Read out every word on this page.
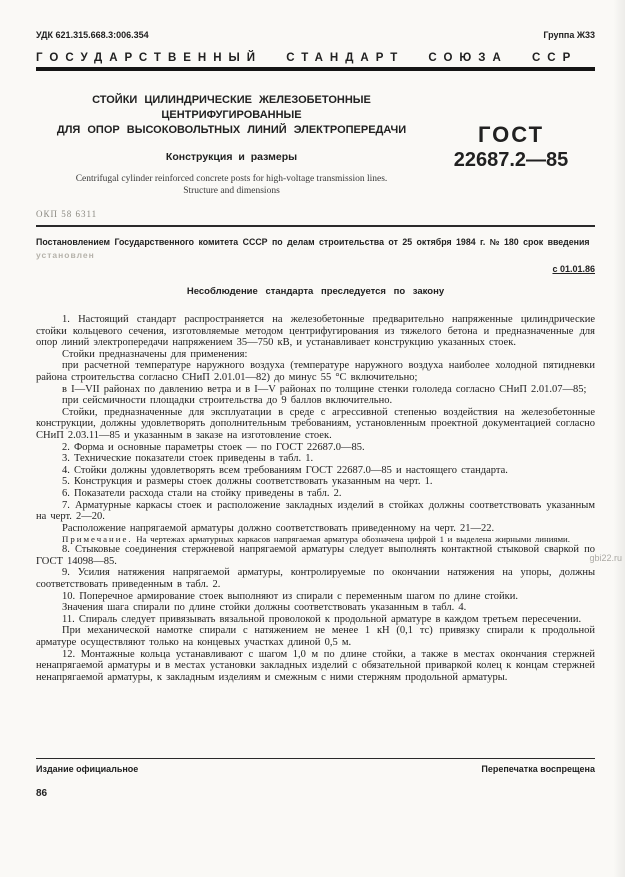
УДК 621.315.668.3:006.354	Группа Ж33
ГОСУДАРСТВЕННЫЙ СТАНДАРТ СОЮЗА ССР
СТОЙКИ ЦИЛИНДРИЧЕСКИЕ ЖЕЛЕЗОБЕТОННЫЕ
ЦЕНТРИФУГИРОВАННЫЕ
ДЛЯ ОПОР ВЫСОКОВОЛЬТНЫХ ЛИНИЙ ЭЛЕКТРОПЕРЕДАЧИ
Конструкция и размеры
Centrifugal cylinder reinforced concrete posts for high-voltage transmission lines.
Structure and dimensions
ОКП 58 6311
ГОСТ
22687.2—85
Постановлением Государственного комитета СССР по делам строительства от 25 октября 1984 г. № 180 срок введения
установлен
с 01.01.86
Несоблюдение стандарта преследуется по закону

1. Настоящий стандарт распространяется на железобетонные предварительно напряженные цилиндрические стойки кольцевого сечения, изготовляемые методом центрифугирования из тяжелого бетона и предназначенные для опор линий электропередачи напряжением 35—750 кВ, и устанавливает конструкцию указанных стоек.

Стойки предназначены для применения:

при расчетной температуре наружного воздуха (температуре наружного воздуха наиболее холодной пятидневки района строительства согласно СНиП 2.01.01—82) до минус 55 °С включительно;

в I—VII районах по давлению ветра и в I—V районах по толщине стенки гололеда согласно СНиП 2.01.07—85;

при сейсмичности площадки строительства до 9 баллов включительно.

Стойки, предназначенные для эксплуатации в среде с агрессивной степенью воздействия на железобетонные конструкции, должны удовлетворять дополнительным требованиям, установленным проектной документацией согласно СНиП 2.03.11—85 и указанным в заказе на изготовление стоек.

2. Форма и основные параметры стоек — по ГОСТ 22687.0—85.

3. Технические показатели стоек приведены в табл. 1.

4. Стойки должны удовлетворять всем требованиям ГОСТ 22687.0—85 и настоящего стандарта.

5. Конструкция и размеры стоек должны соответствовать указанным на черт. 1.

6. Показатели расхода стали на стойку приведены в табл. 2.

7. Арматурные каркасы стоек и расположение закладных изделий в стойках должны соответствовать указанным на черт. 2—20.

Расположение напрягаемой арматуры должно соответствовать приведенному на черт. 21—22.

Примечание. На чертежах арматурных каркасов напрягаемая арматура обозначена цифрой 1 и выделена жирными линиями.

8. Стыковые соединения стержневой напрягаемой арматуры следует выполнять контактной стыковой сваркой по ГОСТ 14098—85.

9. Усилия натяжения напрягаемой арматуры, контролируемые по окончании натяжения на упоры, должны соответствовать приведенным в табл. 2.

10. Поперечное армирование стоек выполняют из спирали с переменным шагом по длине стойки.

Значения шага спирали по длине стойки должны соответствовать указанным в табл. 4.

11. Спираль следует привязывать вязальной проволокой к продольной арматуре в каждом третьем пересечении.

При механической намотке спирали с натяжением не менее 1 кН (0,1 тс) привязку спирали к продольной арматуре осуществляют только на концевых участках длиной 0,5 м.

12. Монтажные кольца устанавливают с шагом 1,0 м по длине стойки, а также в местах окончания стержней ненапрягаемой арматуры и в местах установки закладных изделий с обязательной приваркой колец к концам стержней ненапрягаемой арматуры, к закладным изделиям и смежным с ними стержням продольной арматуры.

Издание официальное	Перепечатка воспрещена
86
gbi22.ru
